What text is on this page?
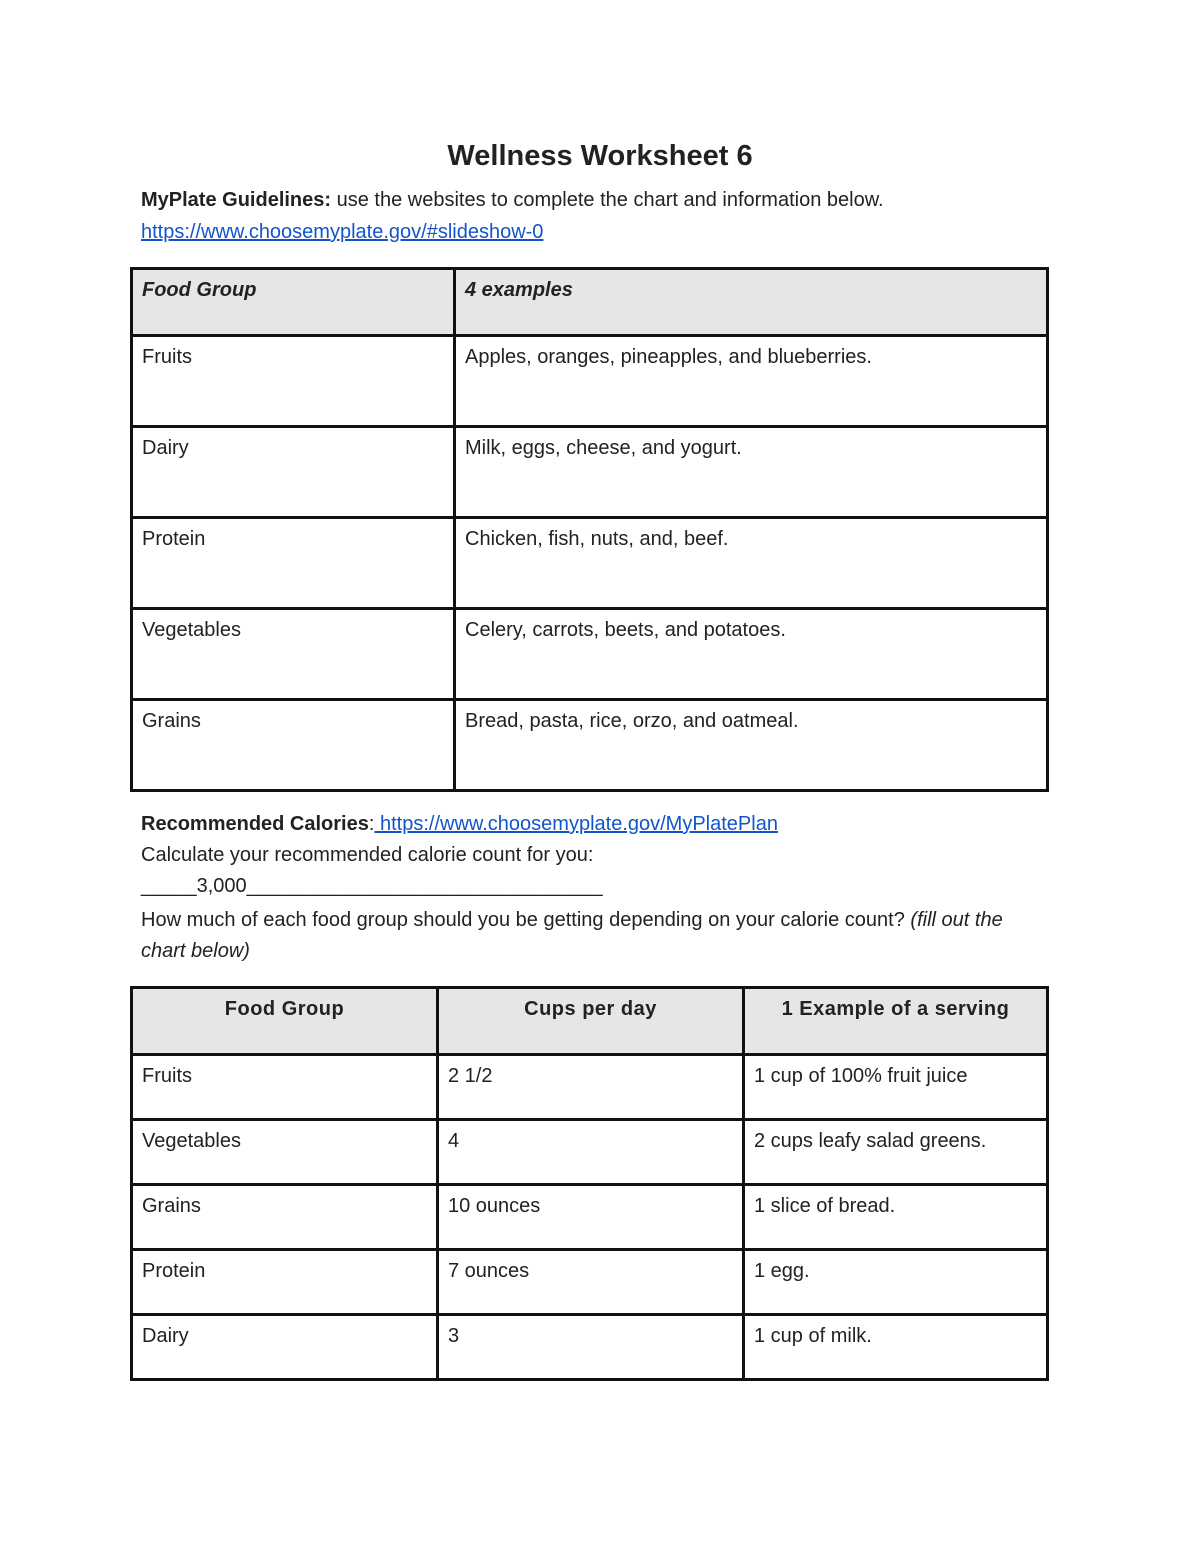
Wellness Worksheet 6
MyPlate Guidelines: use the websites to complete the chart and information below.
https://www.choosemyplate.gov/#slideshow-0
Food Group	4 examples
Fruits	Apples, oranges, pineapples, and blueberries.
Dairy	Milk, eggs, cheese, and yogurt.
Protein	Chicken, fish, nuts, and, beef.
Vegetables	Celery, carrots, beets, and potatoes.
Grains	Bread, pasta, rice, orzo, and oatmeal.
Recommended Calories: https://www.choosemyplate.gov/MyPlatePlan
Calculate your recommended calorie count for you:
_____3,000________________________________
How much of each food group should you be getting depending on your calorie count? (fill out the chart below)
Food Group	Cups per day	1 Example of a serving
Fruits	2 1/2	1 cup of 100% fruit juice
Vegetables	4	2 cups leafy salad greens.
Grains	10 ounces	1 slice of bread.
Protein	7 ounces	1 egg.
Dairy	3	1 cup of milk.
